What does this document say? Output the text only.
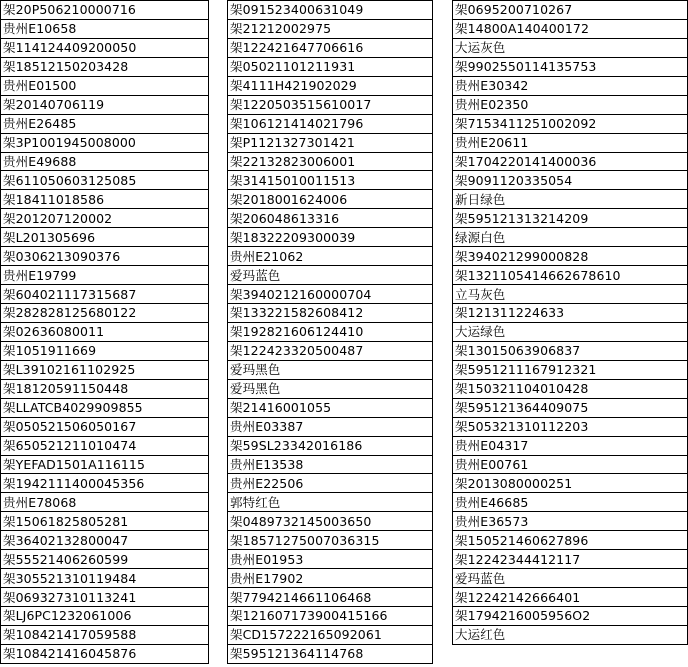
架20P506210000716
贵州E10658
架114124409200050
架18512150203428
贵州E01500
架20140706119
贵州E26485
架3P1001945008000
贵州E49688
架611050603125085
架18411018586
架201207120002
架L201305696
架0306213090376
贵州E19799
架604021117315687
架282828125680122
架02636080011
架1051911669
架L39102161102925
架18120591150448
架LLATCB4029909855
架050521506050167
架650521211010474
架YEFAD1501A116115
架1942111400045356
贵州E78068
架15061825805281
架36402132800047
架55521406260599
架305521310119484
架069327310113241
架LJ6PC1232061006
架108421417059588
架108421416045876
架091523400631049
架21212002975
架122421647706616
架05021101211931
架4111H421902029
架1220503515610017
架106121414021796
架P1121327301421
架22132823006001
架31415010011513
架2018001624006
架206048613316
架18322209300039
贵州E21062
爱玛蓝色
架3940212160000704
架133221582608412
架192821606124410
架122423320500487
爱玛黑色
爱玛黑色
架21416001055
贵州E03387
架59SL23342016186
贵州E13538
贵州E22506
郭特红色
架0489732145003650
架18571275007036315
贵州E01953
贵州E17902
架7794214661106468
架121607173900415166
架CD157222165092061
架595121364114768
架0695200710267
架14800A140400172
大运灰色
架9902550114135753
贵州E30342
贵州E02350
架7153411251002092
贵州E20611
架1704220141400036
架9091120335054
新日绿色
架595121313214209
绿源白色
架394021299000828
架1321105414662678610
立马灰色
架121311224633
大运绿色
架13015063906837
架5951211167912321
架150321104010428
架595121364409075
架505321310112203
贵州E04317
贵州E00761
架2013080000251
贵州E46685
贵州E36573
架150521460627896
架12242344412117
爱玛蓝色
架12242142666401
架1794216005956O2
大运红色
